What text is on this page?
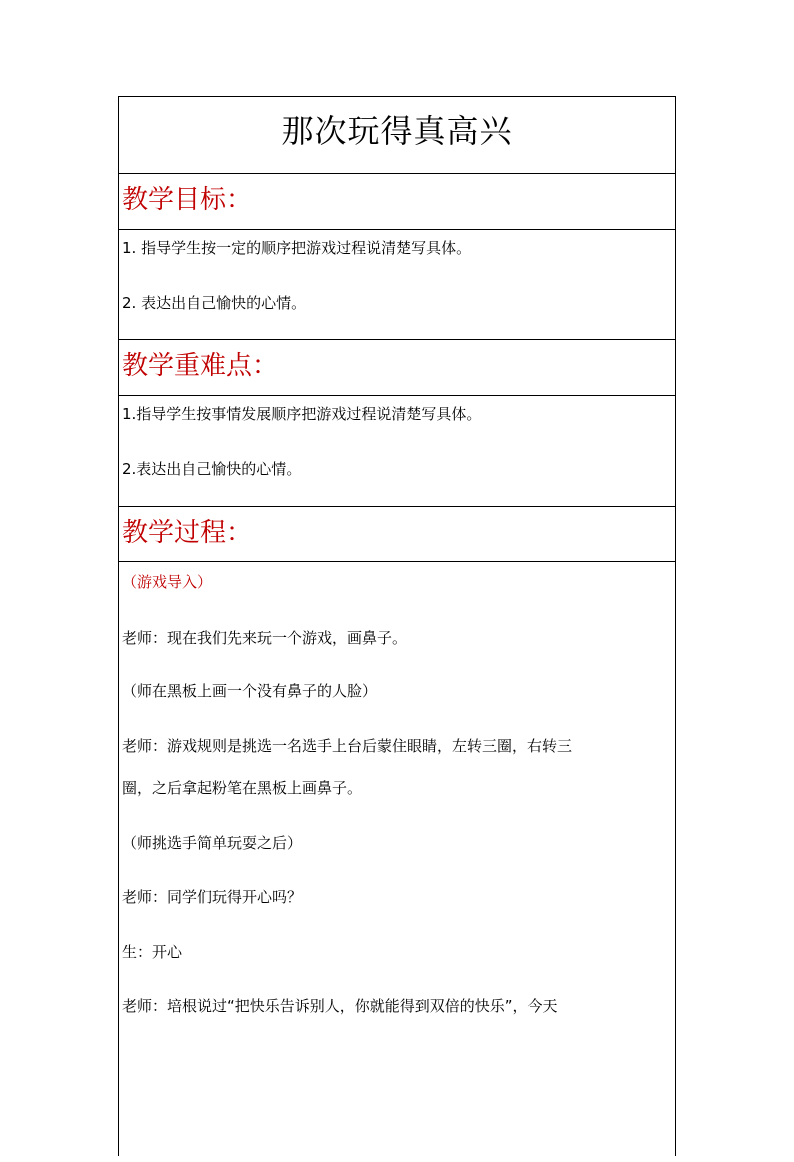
那次玩得真高兴
教学目标：
1. 指导学生按一定的顺序把游戏过程说清楚写具体。
2. 表达出自己愉快的心情。
教学重难点：
1.指导学生按事情发展顺序把游戏过程说清楚写具体。
2.表达出自己愉快的心情。
教学过程：
（游戏导入）
老师：现在我们先来玩一个游戏，画鼻子。
（师在黑板上画一个没有鼻子的人脸）
老师：游戏规则是挑选一名选手上台后蒙住眼睛，左转三圈，右转三
圈，之后拿起粉笔在黑板上画鼻子。
（师挑选手简单玩耍之后）
老师：同学们玩得开心吗？
生：开心
老师：培根说过“把快乐告诉别人，你就能得到双倍的快乐”，今天
